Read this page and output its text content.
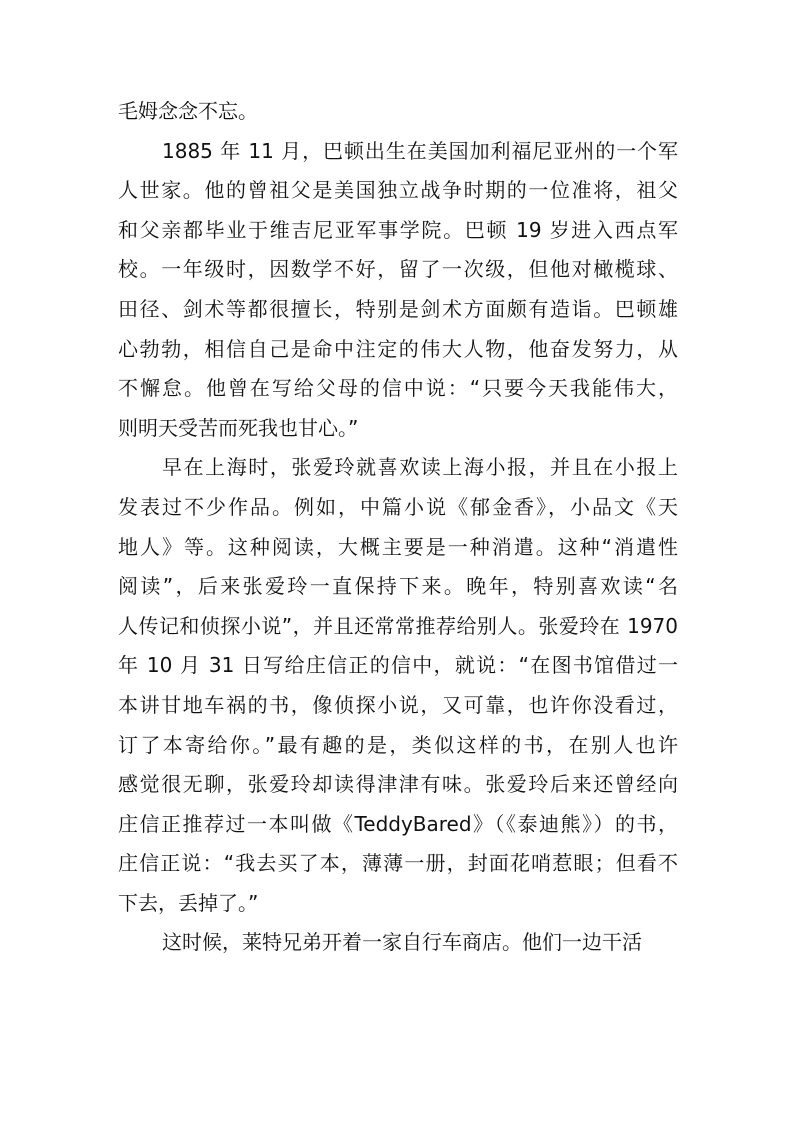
毛姆念念不忘。
1885 年 11 月，巴顿出生在美国加利福尼亚州的一个军
人世家。他的曾祖父是美国独立战争时期的一位准将，祖父
和父亲都毕业于维吉尼亚军事学院。巴顿 19 岁进入西点军
校。一年级时，因数学不好，留了一次级，但他对橄榄球、
田径、剑术等都很擅长，特别是剑术方面颇有造诣。巴顿雄
心勃勃，相信自己是命中注定的伟大人物，他奋发努力，从
不懈怠。他曾在写给父母的信中说：“只要今天我能伟大，
则明天受苦而死我也甘心。”
早在上海时，张爱玲就喜欢读上海小报，并且在小报上
发表过不少作品。例如，中篇小说《郁金香》，小品文《天
地人》等。这种阅读，大概主要是一种消遣。这种“消遣性
阅读”，后来张爱玲一直保持下来。晚年，特别喜欢读“名
人传记和侦探小说”，并且还常常推荐给别人。张爱玲在 1970
年 10 月 31 日写给庄信正的信中，就说：“在图书馆借过一
本讲甘地车祸的书，像侦探小说，又可靠，也许你没看过，
订了本寄给你。”最有趣的是，类似这样的书，在别人也许
感觉很无聊，张爱玲却读得津津有味。张爱玲后来还曾经向
庄信正推荐过一本叫做《TeddyBared》（《泰迪熊》）的书，
庄信正说：“我去买了本，薄薄一册，封面花哨惹眼；但看不
下去，丢掉了。”
这时候，莱特兄弟开着一家自行车商店。他们一边干活
